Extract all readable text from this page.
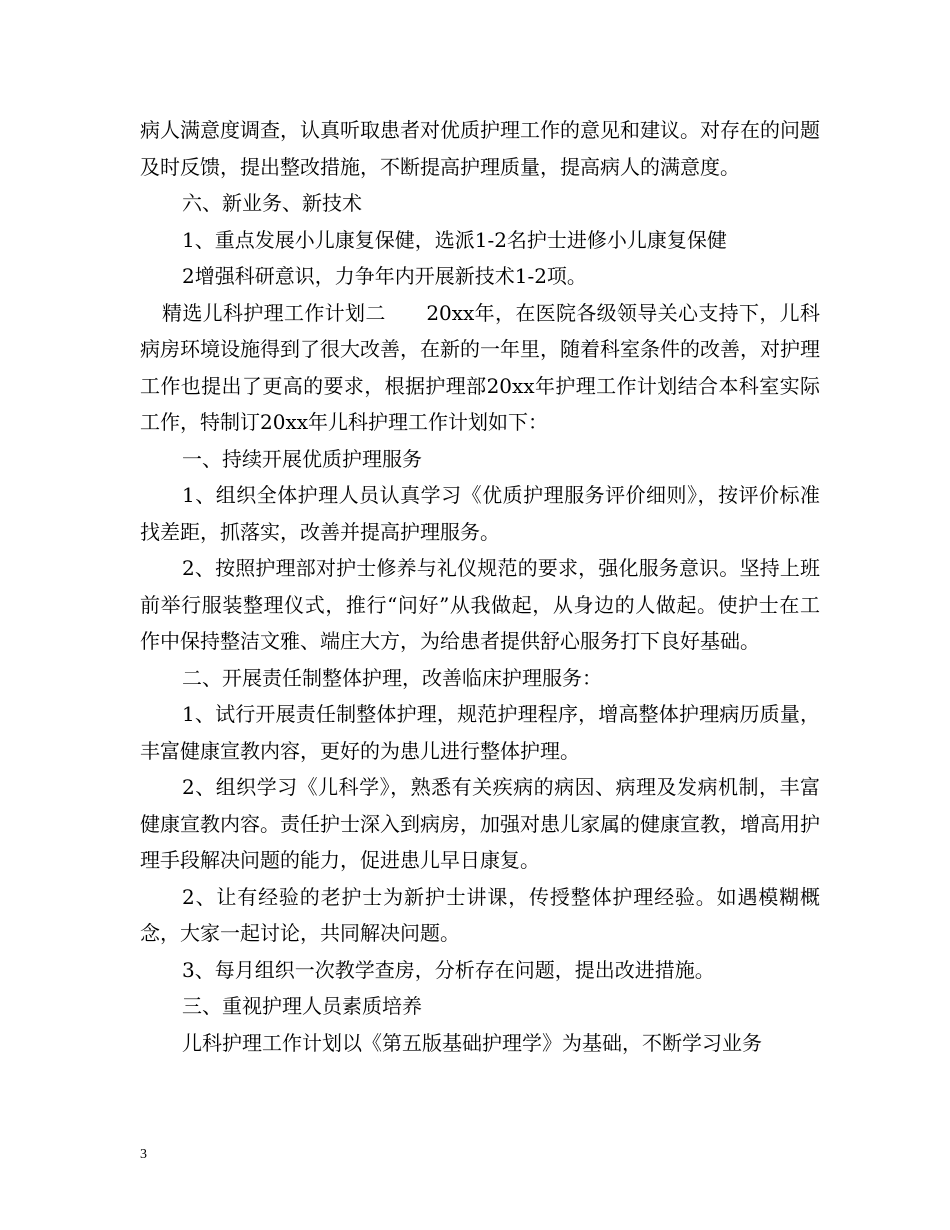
病人满意度调查，认真听取患者对优质护理工作的意见和建议。对存在的问题及时反馈，提出整改措施，不断提高护理质量，提高病人的满意度。

六、新业务、新技术

1、重点发展小儿康复保健，选派1-2名护士进修小儿康复保健

2增强科研意识，力争年内开展新技术1-2项。

精选儿科护理工作计划二　　20xx年，在医院各级领导关心支持下，儿科病房环境设施得到了很大改善，在新的一年里，随着科室条件的改善，对护理工作也提出了更高的要求，根据护理部20xx年护理工作计划结合本科室实际工作，特制订20xx年儿科护理工作计划如下：

一、持续开展优质护理服务

1、组织全体护理人员认真学习《优质护理服务评价细则》，按评价标准找差距，抓落实，改善并提高护理服务。

2、按照护理部对护士修养与礼仪规范的要求，强化服务意识。坚持上班前举行服装整理仪式，推行“问好”从我做起，从身边的人做起。使护士在工作中保持整洁文雅、端庄大方，为给患者提供舒心服务打下良好基础。

二、开展责任制整体护理，改善临床护理服务：

1、试行开展责任制整体护理，规范护理程序，增高整体护理病历质量，丰富健康宣教内容，更好的为患儿进行整体护理。

2、组织学习《儿科学》，熟悉有关疾病的病因、病理及发病机制，丰富健康宣教内容。责任护士深入到病房，加强对患儿家属的健康宣教，增高用护理手段解决问题的能力，促进患儿早日康复。

2、让有经验的老护士为新护士讲课，传授整体护理经验。如遇模糊概念，大家一起讨论，共同解决问题。

3、每月组织一次教学查房，分析存在问题，提出改进措施。

三、重视护理人员素质培养

儿科护理工作计划以《第五版基础护理学》为基础，不断学习业务

3
